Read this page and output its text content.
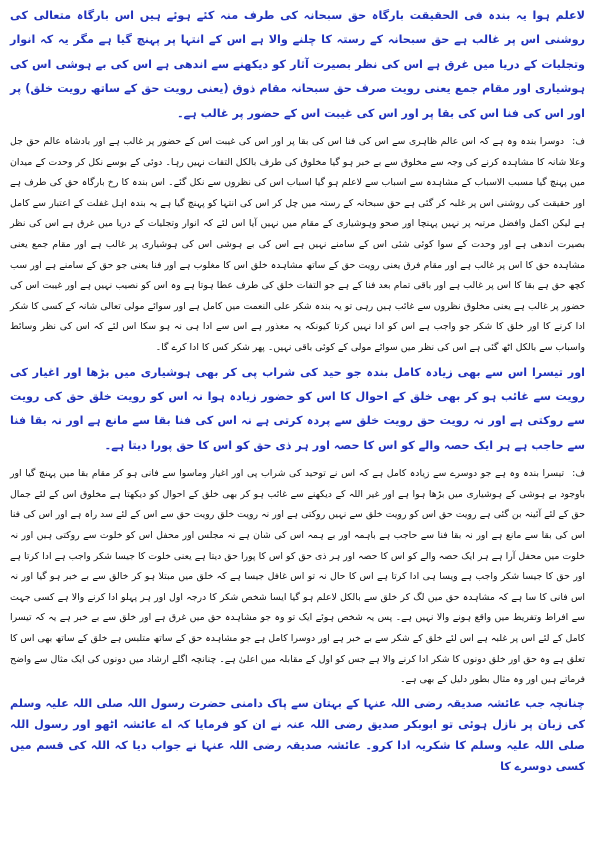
لاعلم ہوا یہ بندہ فی الحقیقت بارگاہ حق سبحانہ کی طرف منہ کئے ہوئے ہیں اس بارگاہ متعالی کی روشنی اس پر غالب ہے حق سبحانہ کے رستہ کا چلنے والا ہے اس کے انتہا پر پہنچ گیا ہے مگر یہ کہ انوار وتجلیات کے دریا میں غرق ہے اس کی نظر بصیرت آثار کو دیکھنے سے اندھی ہے اس کی بے ہوشی اس کی ہوشیاری اور مقام جمع یعنی رویت صرف حق سبحانہ مقام ذوق (یعنی رویت حق کے ساتھ رویت خلق) پر اور اس کی فنا اس کی بقا پر اور اس کی غیبت اس کے حضور پر غالب ہے۔

ف:دوسرا بندہ وہ ہے کہ اس عالم ظاہری سے اس کی فنا اس کی بقا پر اور اس کی غیبت اس کے حضور پر غالب ہے اور بادشاہ عالم حق جل وعلا شانہ کا مشاہدہ کرنے کی وجہ سے مخلوق سے بے خبر ہو گیا مخلوق کی طرف بالکل التفات نہیں رہا۔ دوئی کے بوسے نکل کر وحدت کے میدان میں پہنچ گیا مسبب الاسباب کے مشاہدہ سے اسباب سے لاعلم ہو گیا اسباب اس کی نظروں سے نکل گئے۔ اس بندہ کا رخ بارگاہ حق کی طرف ہے اور حقیقت کی روشنی اس پر غلبہ کر گئی ہے حق سبحانہ کے رستہ میں چل کر اس کی انتہا کو پہنچ گیا ہے یہ بندہ اہل غفلت کے اعتبار سے کامل ہے لیکن اکمل وافضل مرتبہ پر نہیں پہنچا اور صحو وہوشیاری کے مقام میں نہیں آیا اس لئے کہ انوار وتجلیات کے دریا میں غرق ہے اس کی نظر بصیرت اندھی ہے اور وحدت کے سوا کوئی شئی اس کے سامنے نہیں ہے اس کی بے ہوشی اس کی ہوشیاری پر غالب ہے اور مقام جمع یعنی مشاہدہ حق کا اس پر غالب ہے اور مقام فرق یعنی رویت حق کے ساتھ مشاہدہ خلق اس کا مغلوب ہے اور فنا یعنی جو حق کے سامنے ہے اور سب کچھ حق ہے بقا کا اس پر غالب ہے اور باقی تمام بعد فنا کے ہے جو التفات خلق کی طرف عطا ہوتا ہے وہ اس کو نصیب نہیں ہے اور غیبت اس کی حضور پر غالب ہے یعنی مخلوق نظروں سے غائب ہیں رہی تو یہ بندہ شکر علی النعمت میں کامل ہے اور سوائے مولی تعالی شانہ کے کسی کا شکر ادا کرنے کا اور خلق کا شکر جو واجب ہے اس کو ادا نہیں کرتا کیونکہ یہ معذور ہے اس سے ادا ہی نہ ہو سکا اس لئے کہ اس کی نظر وسائط واسباب سے بالکل اٹھ گئی ہے اس کی نظر میں سوائے مولی کے کوئی باقی نہیں۔ پھر شکر کس کا ادا کرے گا۔

اور تیسرا اس سے بھی زیادہ کامل بندہ جو حید کی شراب پی کر بھی ہوشیاری میں بڑھا اور اغیار کی رویت سے غائب ہو کر بھی خلق کے احوال کا اس کو حضور زیادہ ہوا نہ اس کو رویت خلق حق کی رویت سے روکتی ہے اور نہ رویت حق رویت خلق سے پردہ کرتی ہے نہ اس کی فنا بقا سے مانع ہے اور نہ بقا فنا سے حاجب ہے ہر ایک حصہ والے کو اس کا حصہ اور ہر ذی حق کو اس کا حق پورا دیتا ہے۔

ف:تیسرا بندہ وہ ہے جو دوسرے سے زیادہ کامل ہے کہ اس نے توحید کی شراب پی اور اغیار وماسوا سے فانی ہو کر مقام بقا میں پہنچ گیا اور باوجود بے ہوشی کے ہوشیاری میں بڑھا ہوا ہے اور غیر اللہ کے دیکھنے سے غائب ہو کر بھی خلق کے احوال کو دیکھتا ہے مخلوق اس کے لئے جمال حق کے لئے آئینہ بن گئی ہے رویت حق اس کو رویت خلق سے نہیں روکتی ہے اور نہ رویت خلق رویت حق سے اس کے لئے سد راہ ہے اور اس کی فنا اس کی بقا سے مانع ہے اور نہ بقا فنا سے حاجب ہے باہمہ اور بے ہمہ اس کی شان ہے نہ مجلس اور محفل اس کو خلوت سے روکتی ہیں اور نہ خلوت میں محفل آرا ہے ہر ایک حصہ والے کو اس کا حصہ اور ہر ذی حق کو اس کا پورا حق دیتا ہے یعنی خلوت کا جیسا شکر واجب ہے ادا کرتا ہے اور حق کا جیسا شکر واجب ہے ویسا ہی ادا کرتا ہے اس کا حال نہ تو اس غافل جیسا ہے کہ خلق میں مبتلا ہو کر خالق سے بے خبر ہو گیا اور نہ اس فانی کا سا ہے کہ مشاہدہ حق میں لگ کر خلق سے بالکل لاعلم ہو گیا ایسا شخص شکر کا درجہ اول اور ہر پہلو ادا کرنے والا ہے کسی جہت سے افراط وتفریط میں واقع ہونے والا نہیں ہے۔ پس یہ شخص ہوئے ایک تو وہ جو مشاہدہ حق میں غرق ہے اور خلق سے بے خبر ہے یہ کہ تیسرا کامل کے لئے اس پر غلبہ ہے اس لئے خلق کے شکر سے بے خبر ہے اور دوسرا کامل ہے جو مشاہدہ حق کے ساتھ متلبس ہے خلق کے ساتھ بھی اس کا تعلق ہے وہ حق اور خلق دونوں کا شکر ادا کرنے والا ہے جس کو اول کے مقابلہ میں اعلیٰ ہے۔ چنانچہ اگلے ارشاد میں دونوں کی ایک مثال سے واضح فرماتے ہیں اور وہ مثال بطور دلیل کے بھی ہے۔

چنانچہ جب عائشہ صدیقہ رضی اللہ عنہا کے بہتان سے پاک دامنی حضرت رسول اللہ صلی اللہ علیہ وسلم کی زبان پر نازل ہوئی تو ابوبکر صدیق رضی اللہ عنہ نے ان کو فرمایا کہ اے عائشہ اٹھو اور رسول اللہ صلی اللہ علیہ وسلم کا شکریہ ادا کرو۔ عائشہ صدیقہ رضی اللہ عنہا نے جواب دیا کہ اللہ کی قسم میں کسی دوسرے کا
